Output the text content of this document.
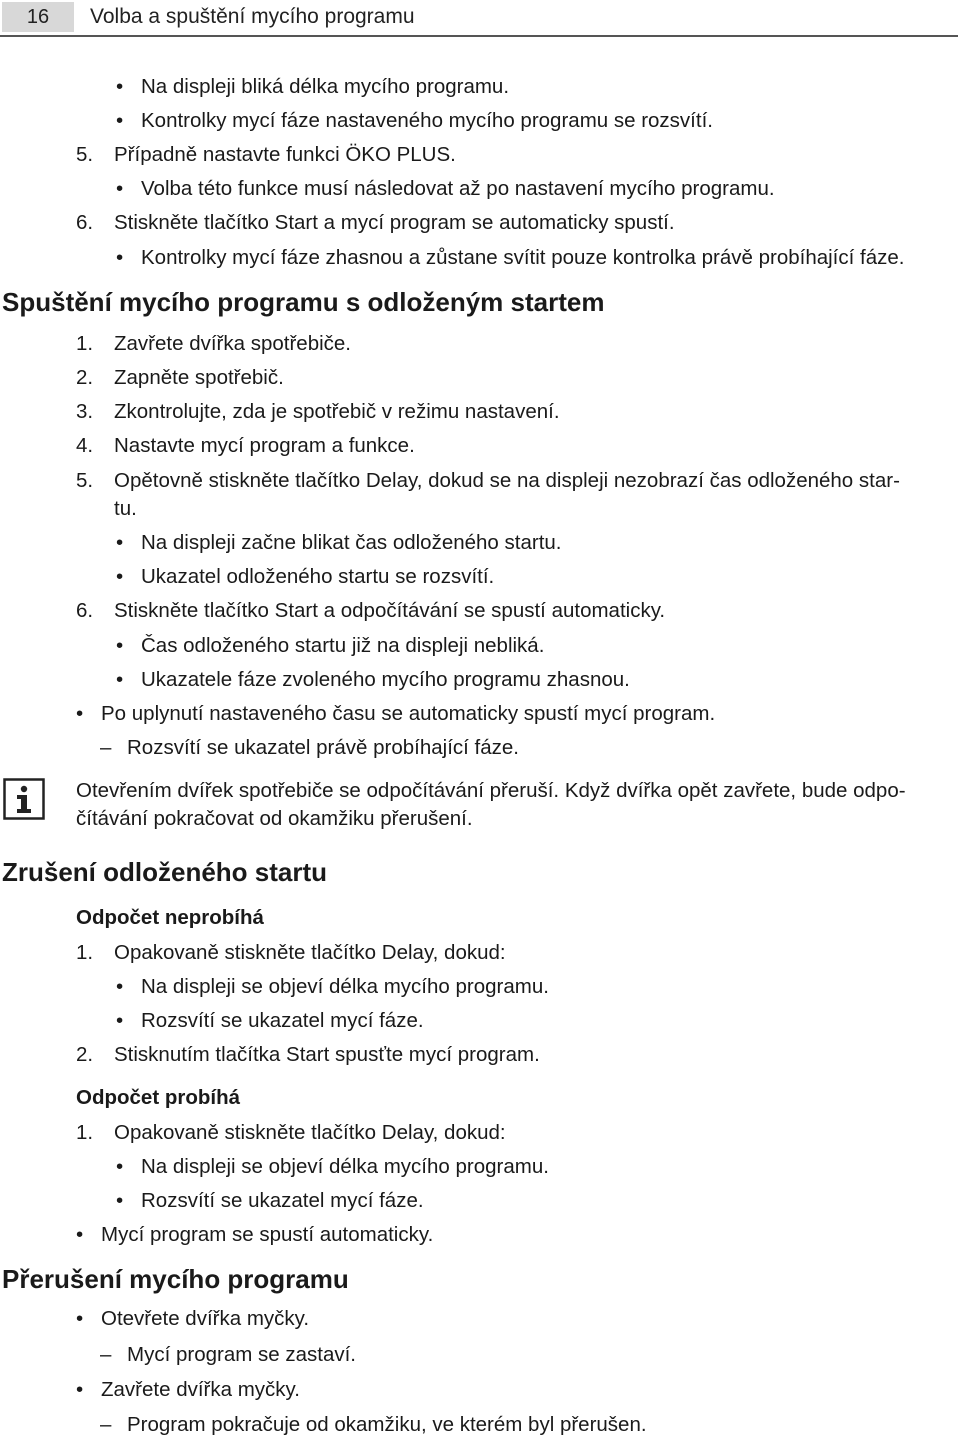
16	Volba a spuštění mycího programu
• Na displeji bliká délka mycího programu.
• Kontrolky mycí fáze nastaveného mycího programu se rozsvítí.
5. Případně nastavte funkci ÖKO PLUS.
• Volba této funkce musí následovat až po nastavení mycího programu.
6. Stiskněte tlačítko Start a mycí program se automaticky spustí.
• Kontrolky mycí fáze zhasnou a zůstane svítit pouze kontrolka právě probíhající fáze.
Spuštění mycího programu s odloženým startem
1. Zavřete dvířka spotřebiče.
2. Zapněte spotřebič.
3. Zkontrolujte, zda je spotřebič v režimu nastavení.
4. Nastavte mycí program a funkce.
5. Opětovně stiskněte tlačítko Delay, dokud se na displeji nezobrazí čas odloženého star-
tu.
• Na displeji začne blikat čas odloženého startu.
• Ukazatel odloženého startu se rozsvítí.
6. Stiskněte tlačítko Start a odpočítávání se spustí automaticky.
• Čas odloženého startu již na displeji nebliká.
• Ukazatele fáze zvoleného mycího programu zhasnou.
• Po uplynutí nastaveného času se automaticky spustí mycí program.
– Rozsvítí se ukazatel právě probíhající fáze.
Otevřením dvířek spotřebiče se odpočítávání přeruší. Když dvířka opět zavřete, bude odpo-
čítávání pokračovat od okamžiku přerušení.
Zrušení odloženého startu
Odpočet neprobíhá
1. Opakovaně stiskněte tlačítko Delay, dokud:
• Na displeji se objeví délka mycího programu.
• Rozsvítí se ukazatel mycí fáze.
2. Stisknutím tlačítka Start spusťte mycí program.
Odpočet probíhá
1. Opakovaně stiskněte tlačítko Delay, dokud:
• Na displeji se objeví délka mycího programu.
• Rozsvítí se ukazatel mycí fáze.
• Mycí program se spustí automaticky.
Přerušení mycího programu
• Otevřete dvířka myčky.
– Mycí program se zastaví.
• Zavřete dvířka myčky.
– Program pokračuje od okamžiku, ve kterém byl přerušen.
